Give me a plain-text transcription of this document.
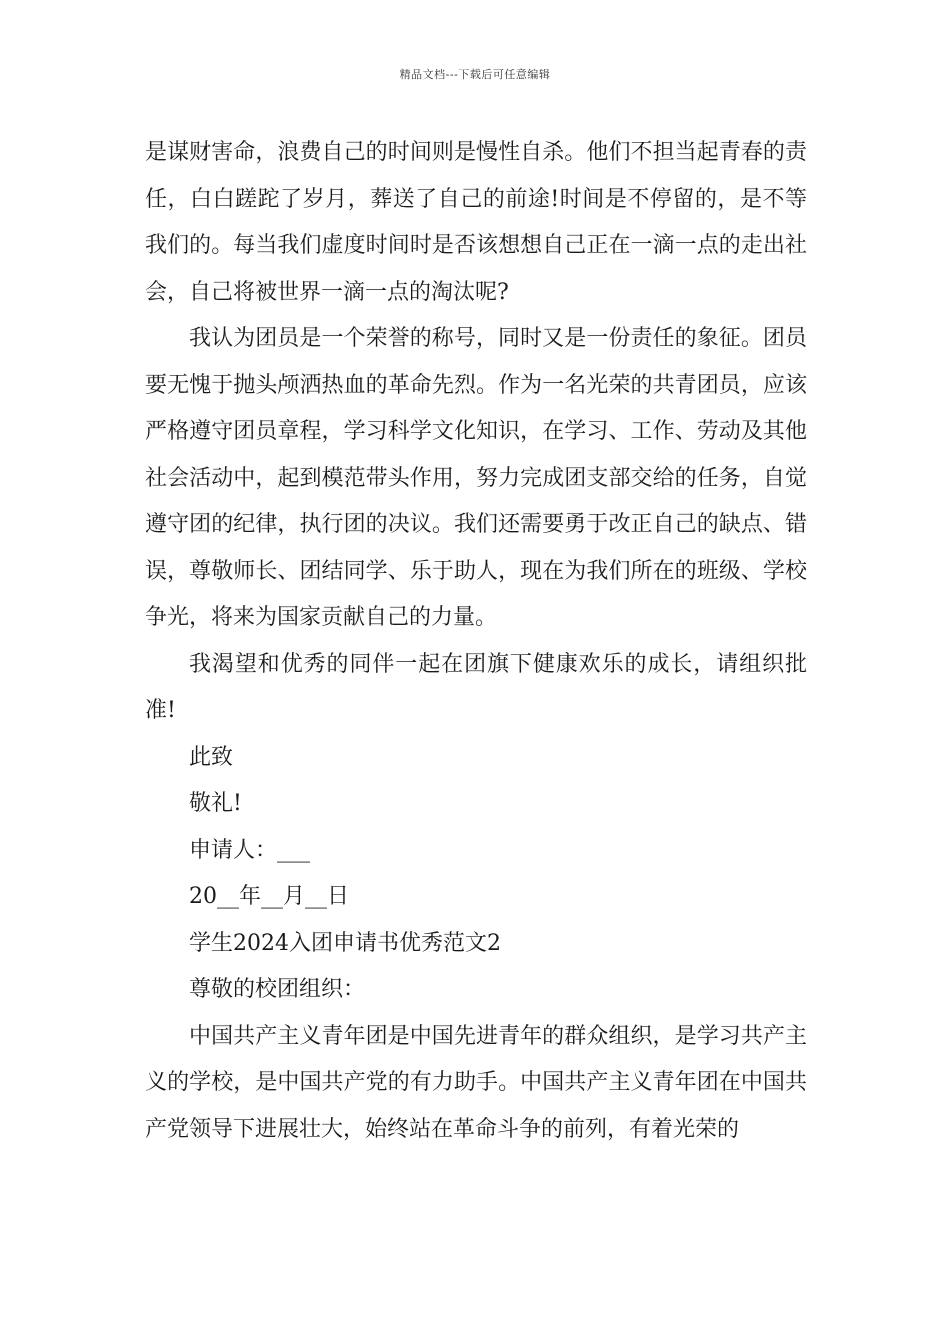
精品文档---下载后可任意编辑

是谋财害命，浪费自己的时间则是慢性自杀。他们不担当起青春的责任，白白蹉跎了岁月，葬送了自己的前途!时间是不停留的，是不等我们的。每当我们虚度时间时是否该想想自己正在一滴一点的走出社会，自己将被世界一滴一点的淘汰呢?

我认为团员是一个荣誉的称号，同时又是一份责任的象征。团员要无愧于抛头颅洒热血的革命先烈。作为一名光荣的共青团员，应该严格遵守团员章程，学习科学文化知识，在学习、工作、劳动及其他社会活动中，起到模范带头作用，努力完成团支部交给的任务，自觉遵守团的纪律，执行团的决议。我们还需要勇于改正自己的缺点、错误，尊敬师长、团结同学、乐于助人，现在为我们所在的班级、学校争光，将来为国家贡献自己的力量。

我渴望和优秀的同伴一起在团旗下健康欢乐的成长，请组织批准!

此致

敬礼!

申请人：___

20__年__月__日

学生2024入团申请书优秀范文2

尊敬的校团组织：

中国共产主义青年团是中国先进青年的群众组织，是学习共产主义的学校，是中国共产党的有力助手。中国共产主义青年团在中国共产党领导下进展壮大，始终站在革命斗争的前列，有着光荣的
